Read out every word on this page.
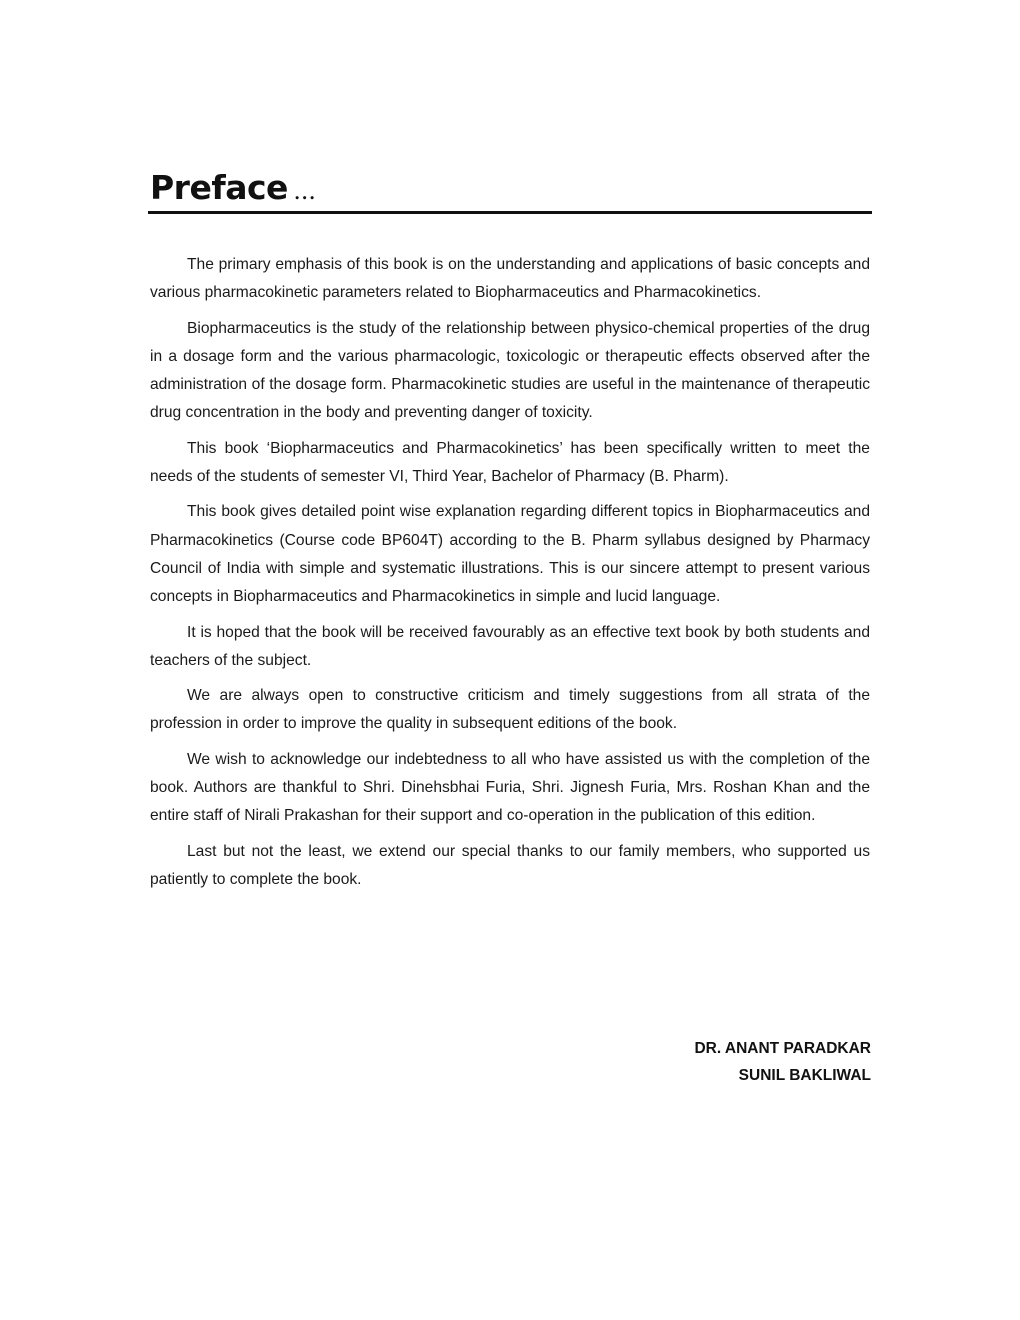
Preface ...

The primary emphasis of this book is on the understanding and applications of basic concepts and various pharmacokinetic parameters related to Biopharmaceutics and Pharmacokinetics.

Biopharmaceutics is the study of the relationship between physico-chemical properties of the drug in a dosage form and the various pharmacologic, toxicologic or therapeutic effects observed after the administration of the dosage form. Pharmacokinetic studies are useful in the maintenance of therapeutic drug concentration in the body and preventing danger of toxicity.

This book ‘Biopharmaceutics and Pharmacokinetics’ has been specifically written to meet the needs of the students of semester VI, Third Year, Bachelor of Pharmacy (B. Pharm).

This book gives detailed point wise explanation regarding different topics in Biopharmaceutics and Pharmacokinetics (Course code BP604T) according to the B. Pharm syllabus designed by Pharmacy Council of India with simple and systematic illustrations. This is our sincere attempt to present various concepts in Biopharmaceutics and Pharmacokinetics in simple and lucid language.

It is hoped that the book will be received favourably as an effective text book by both students and teachers of the subject.

We are always open to constructive criticism and timely suggestions from all strata of the profession in order to improve the quality in subsequent editions of the book.

We wish to acknowledge our indebtedness to all who have assisted us with the completion of the book. Authors are thankful to Shri. Dinehsbhai Furia, Shri. Jignesh Furia, Mrs. Roshan Khan and the entire staff of Nirali Prakashan for their support and co-operation in the publication of this edition.

Last but not the least, we extend our special thanks to our family members, who supported us patiently to complete the book.

DR. ANANT PARADKAR
SUNIL BAKLIWAL
